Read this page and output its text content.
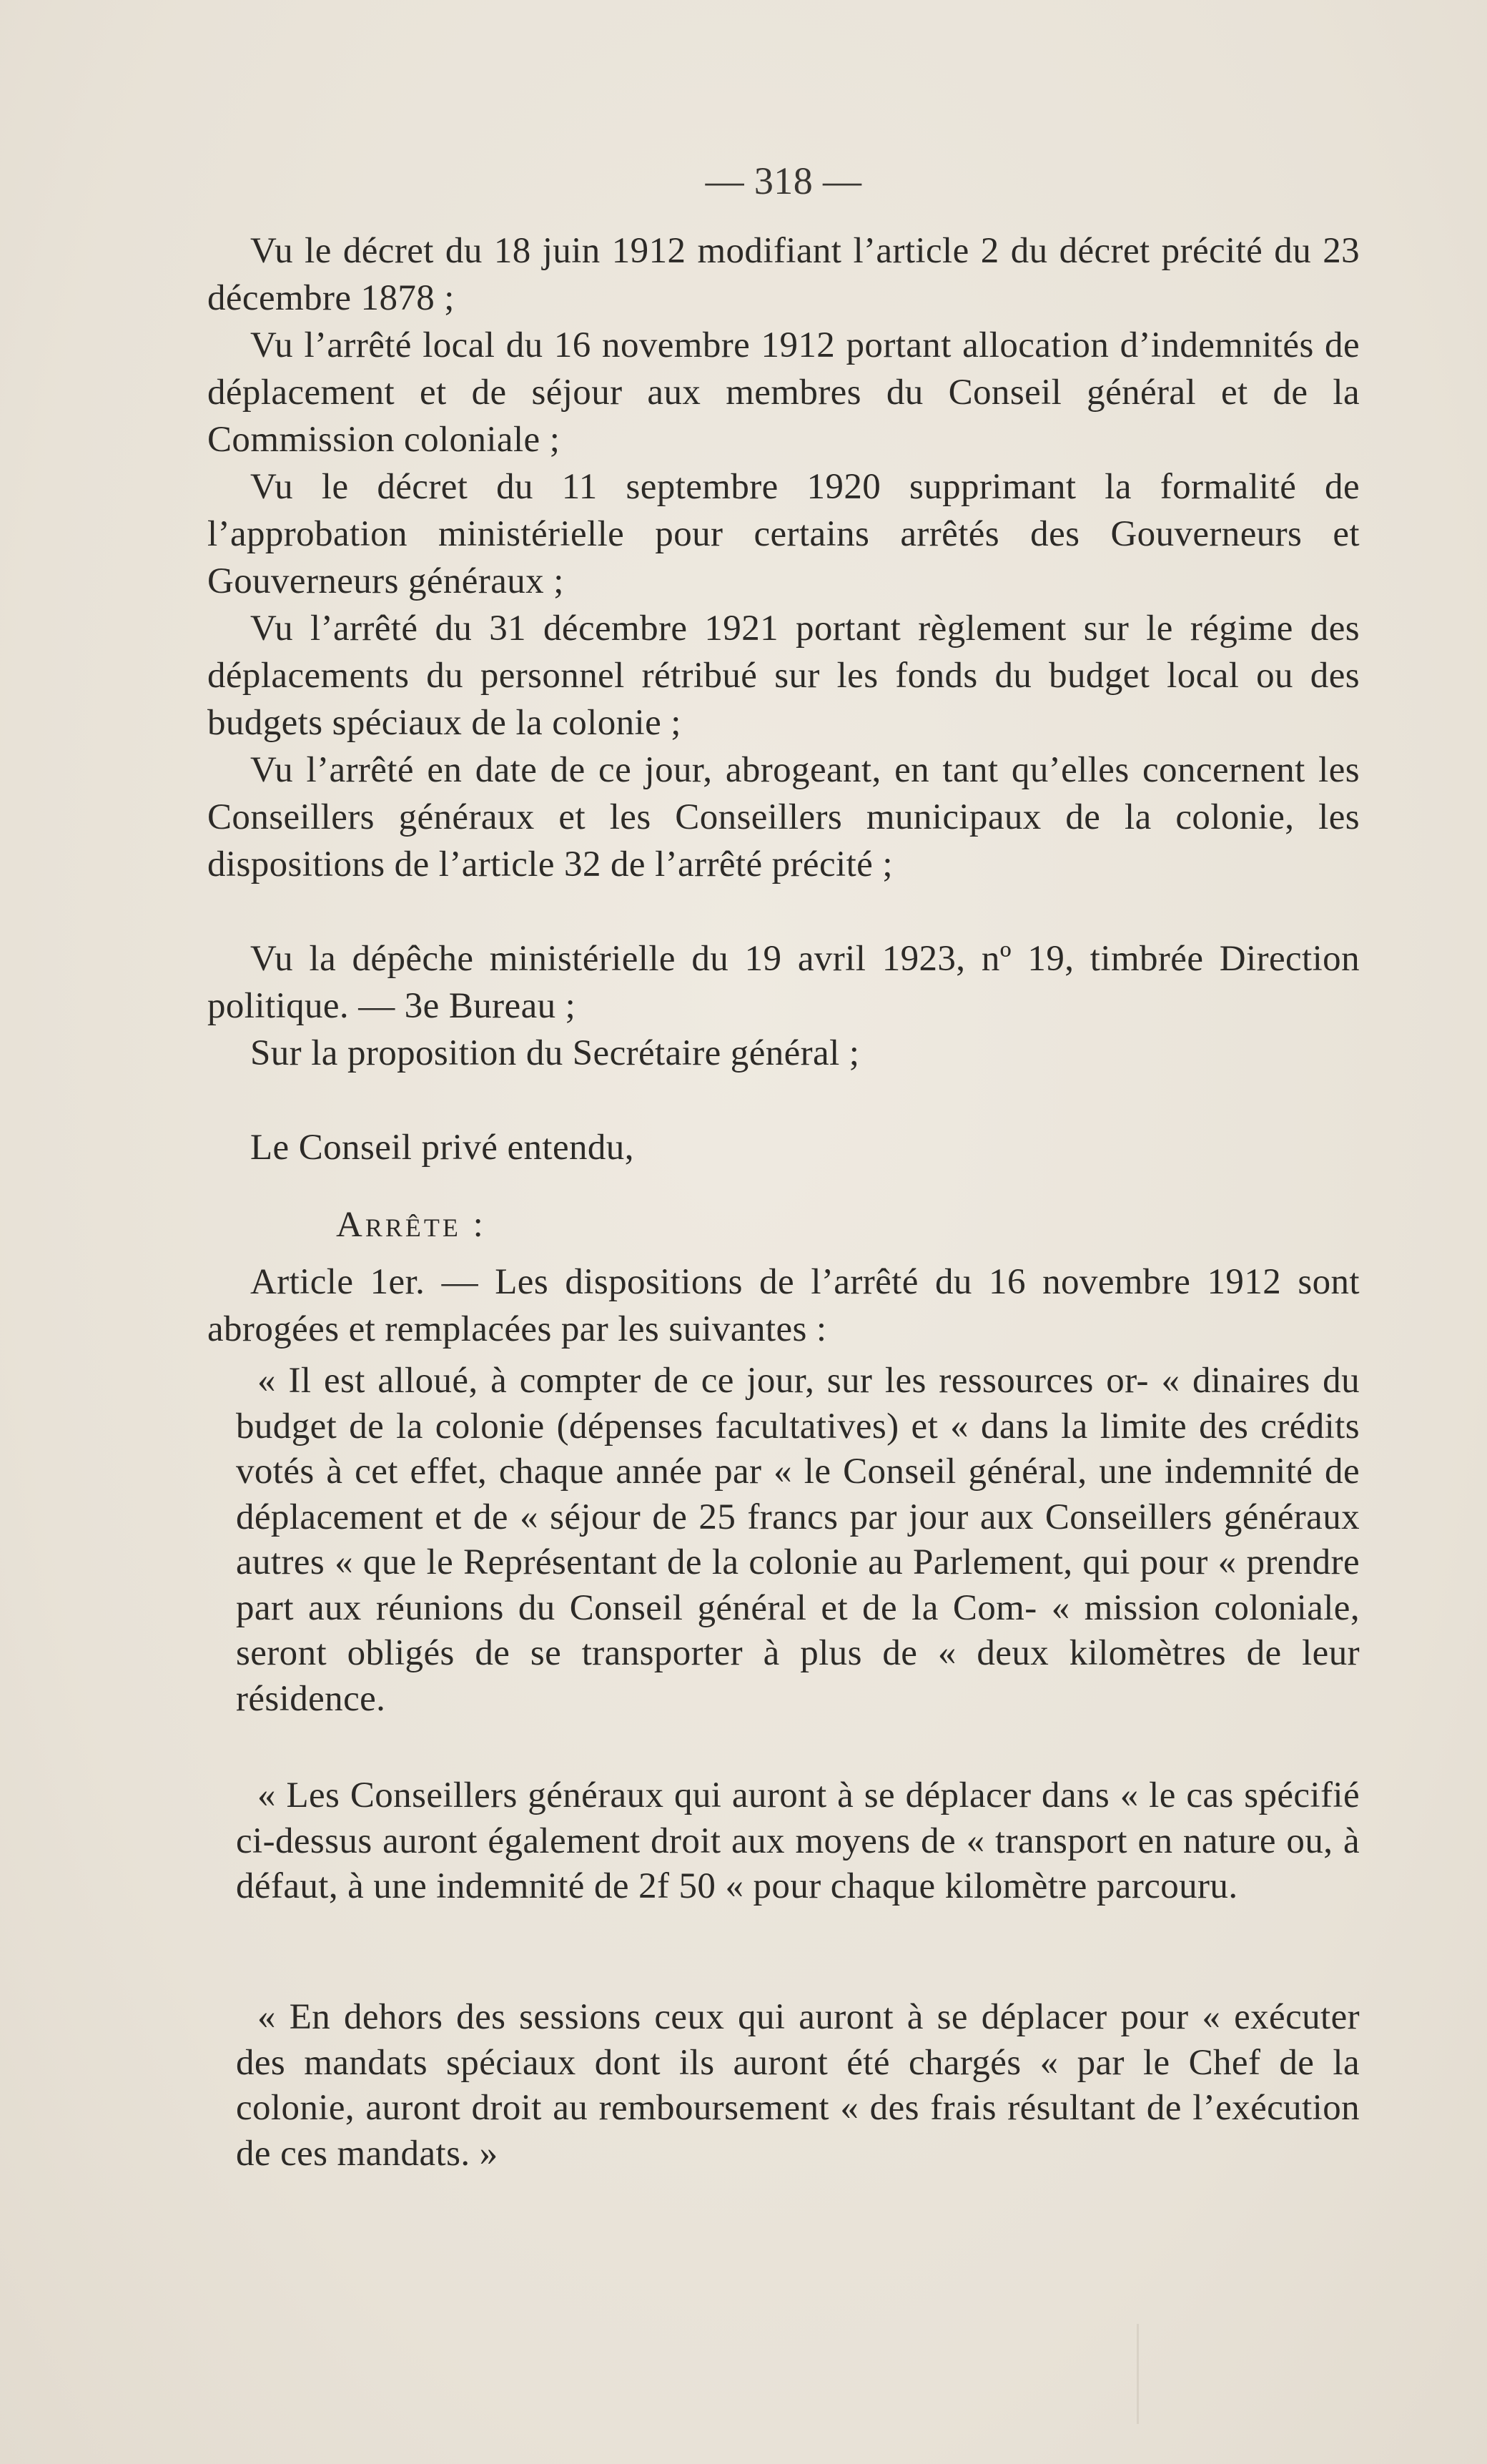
— 318 —
Vu le décret du 18 juin 1912 modifiant l’article 2 du décret précité du 23 décembre 1878 ;
Vu l’arrêté local du 16 novembre 1912 portant allocation d’indemnités de déplacement et de séjour aux membres du Conseil général et de la Commission coloniale ;
Vu le décret du 11 septembre 1920 supprimant la formalité de l’approbation ministérielle pour certains arrêtés des Gouverneurs et Gouverneurs généraux ;
Vu l’arrêté du 31 décembre 1921 portant règlement sur le régime des déplacements du personnel rétribué sur les fonds du budget local ou des budgets spéciaux de la colonie ;
Vu l’arrêté en date de ce jour, abrogeant, en tant qu’elles concernent les Conseillers généraux et les Conseillers municipaux de la colonie, les dispositions de l’article 32 de l’arrêté précité ;
Vu la dépêche ministérielle du 19 avril 1923, nº 19, timbrée Direction politique. — 3e Bureau ;
Sur la proposition du Secrétaire général ;
Le Conseil privé entendu,
Arrête :
Article 1er. — Les dispositions de l’arrêté du 16 novembre 1912 sont abrogées et remplacées par les suivantes :
« Il est alloué, à compter de ce jour, sur les ressources or- « dinaires du budget de la colonie (dépenses facultatives) et « dans la limite des crédits votés à cet effet, chaque année par « le Conseil général, une indemnité de déplacement et de « séjour de 25 francs par jour aux Conseillers généraux autres « que le Représentant de la colonie au Parlement, qui pour « prendre part aux réunions du Conseil général et de la Com- « mission coloniale, seront obligés de se transporter à plus de « deux kilomètres de leur résidence.
« Les Conseillers généraux qui auront à se déplacer dans « le cas spécifié ci-dessus auront également droit aux moyens de « transport en nature ou, à défaut, à une indemnité de 2f 50 « pour chaque kilomètre parcouru.
« En dehors des sessions ceux qui auront à se déplacer pour « exécuter des mandats spéciaux dont ils auront été chargés « par le Chef de la colonie, auront droit au remboursement « des frais résultant de l’exécution de ces mandats. »
